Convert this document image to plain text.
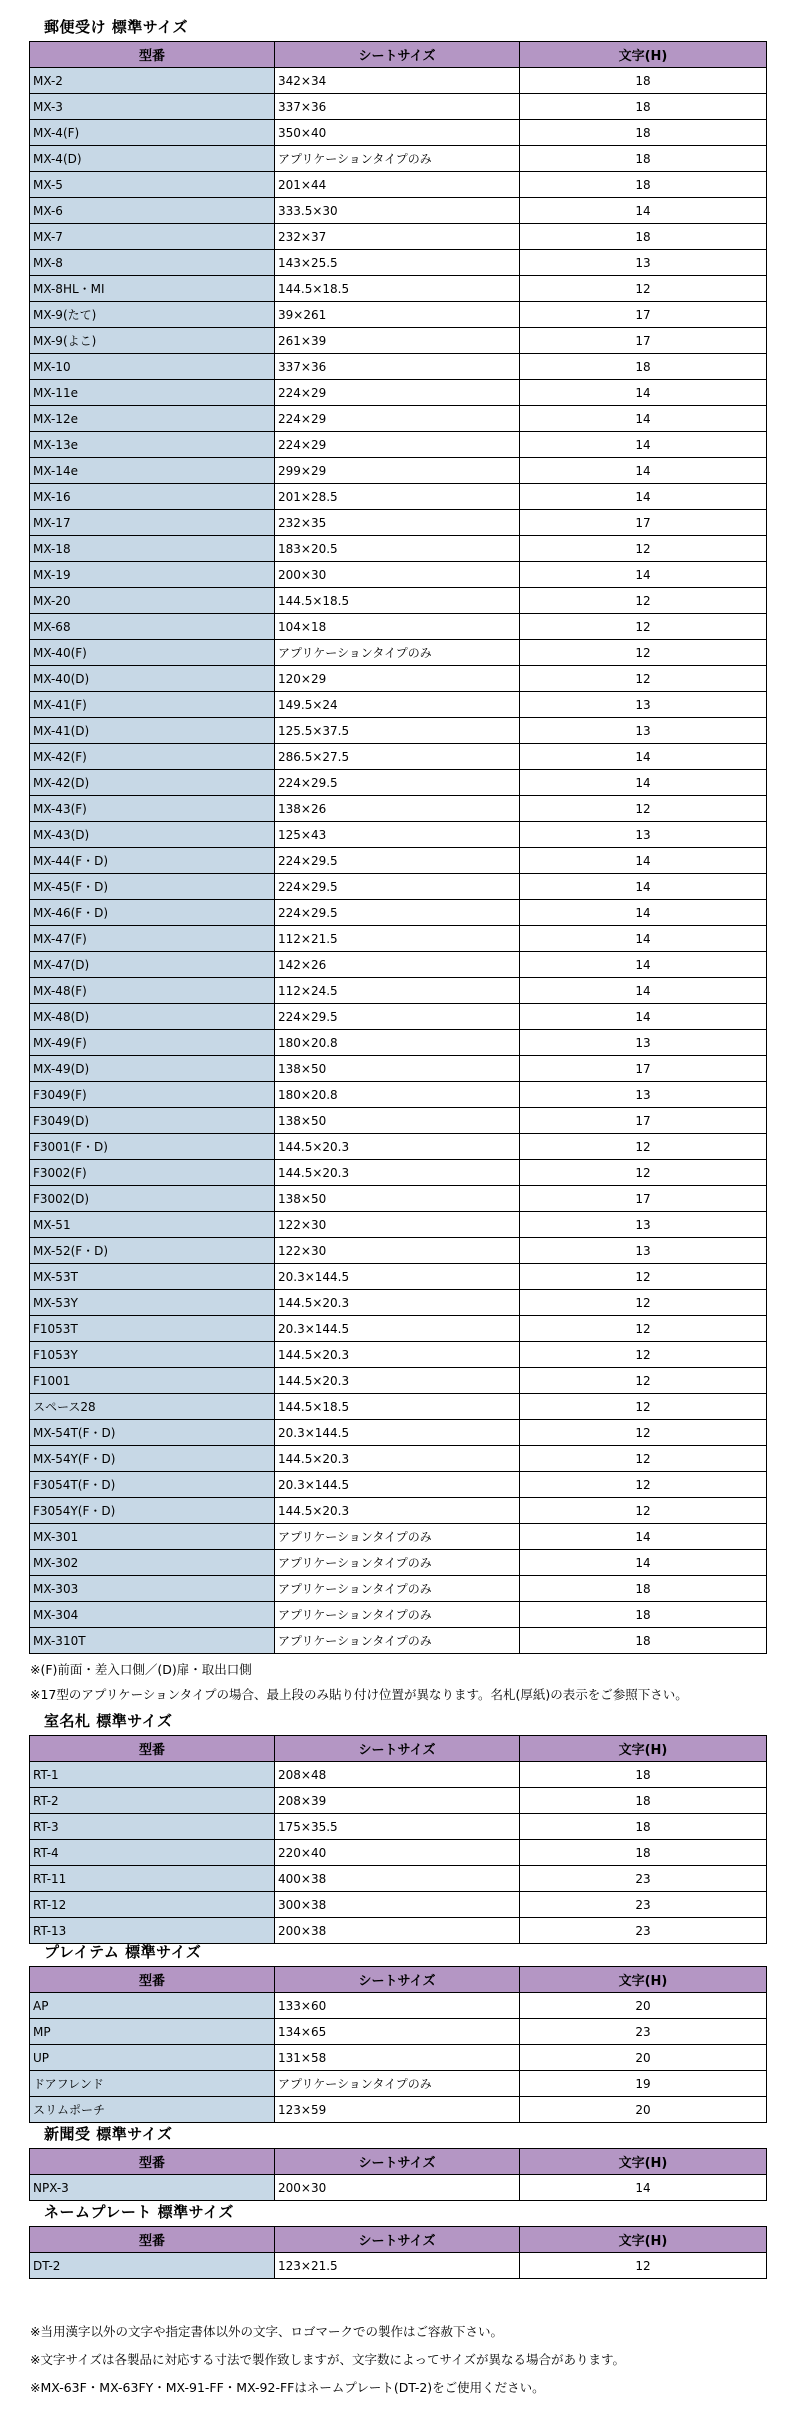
郵便受け 標準サイズ
型番	シートサイズ	文字(H)
MX-2	342×34	18
MX-3	337×36	18
MX-4(F)	350×40	18
MX-4(D)	アプリケーションタイプのみ	18
MX-5	201×44	18
MX-6	333.5×30	14
MX-7	232×37	18
MX-8	143×25.5	13
MX-8HL・MI	144.5×18.5	12
MX-9(たて)	39×261	17
MX-9(よこ)	261×39	17
MX-10	337×36	18
MX-11e	224×29	14
MX-12e	224×29	14
MX-13e	224×29	14
MX-14e	299×29	14
MX-16	201×28.5	14
MX-17	232×35	17
MX-18	183×20.5	12
MX-19	200×30	14
MX-20	144.5×18.5	12
MX-68	104×18	12
MX-40(F)	アプリケーションタイプのみ	12
MX-40(D)	120×29	12
MX-41(F)	149.5×24	13
MX-41(D)	125.5×37.5	13
MX-42(F)	286.5×27.5	14
MX-42(D)	224×29.5	14
MX-43(F)	138×26	12
MX-43(D)	125×43	13
MX-44(F・D)	224×29.5	14
MX-45(F・D)	224×29.5	14
MX-46(F・D)	224×29.5	14
MX-47(F)	112×21.5	14
MX-47(D)	142×26	14
MX-48(F)	112×24.5	14
MX-48(D)	224×29.5	14
MX-49(F)	180×20.8	13
MX-49(D)	138×50	17
F3049(F)	180×20.8	13
F3049(D)	138×50	17
F3001(F・D)	144.5×20.3	12
F3002(F)	144.5×20.3	12
F3002(D)	138×50	17
MX-51	122×30	13
MX-52(F・D)	122×30	13
MX-53T	20.3×144.5	12
MX-53Y	144.5×20.3	12
F1053T	20.3×144.5	12
F1053Y	144.5×20.3	12
F1001	144.5×20.3	12
スペース28	144.5×18.5	12
MX-54T(F・D)	20.3×144.5	12
MX-54Y(F・D)	144.5×20.3	12
F3054T(F・D)	20.3×144.5	12
F3054Y(F・D)	144.5×20.3	12
MX-301	アプリケーションタイプのみ	14
MX-302	アプリケーションタイプのみ	14
MX-303	アプリケーションタイプのみ	18
MX-304	アプリケーションタイプのみ	18
MX-310T	アプリケーションタイプのみ	18
※(F)前面・差入口側／(D)扉・取出口側
※17型のアプリケーションタイプの場合、最上段のみ貼り付け位置が異なります。名札(厚紙)の表示をご参照下さい。
室名札 標準サイズ
型番	シートサイズ	文字(H)
RT-1	208×48	18
RT-2	208×39	18
RT-3	175×35.5	18
RT-4	220×40	18
RT-11	400×38	23
RT-12	300×38	23
RT-13	200×38	23
プレイテム 標準サイズ
型番	シートサイズ	文字(H)
AP	133×60	20
MP	134×65	23
UP	131×58	20
ドアフレンド	アプリケーションタイプのみ	19
スリムポーチ	123×59	20
新聞受 標準サイズ
型番	シートサイズ	文字(H)
NPX-3	200×30	14
ネームプレート 標準サイズ
型番	シートサイズ	文字(H)
DT-2	123×21.5	12
※当用漢字以外の文字や指定書体以外の文字、ロゴマークでの製作はご容赦下さい。
※文字サイズは各製品に対応する寸法で製作致しますが、文字数によってサイズが異なる場合があります。
※MX-63F・MX-63FY・MX-91-FF・MX-92-FFはネームプレート(DT-2)をご使用ください。
